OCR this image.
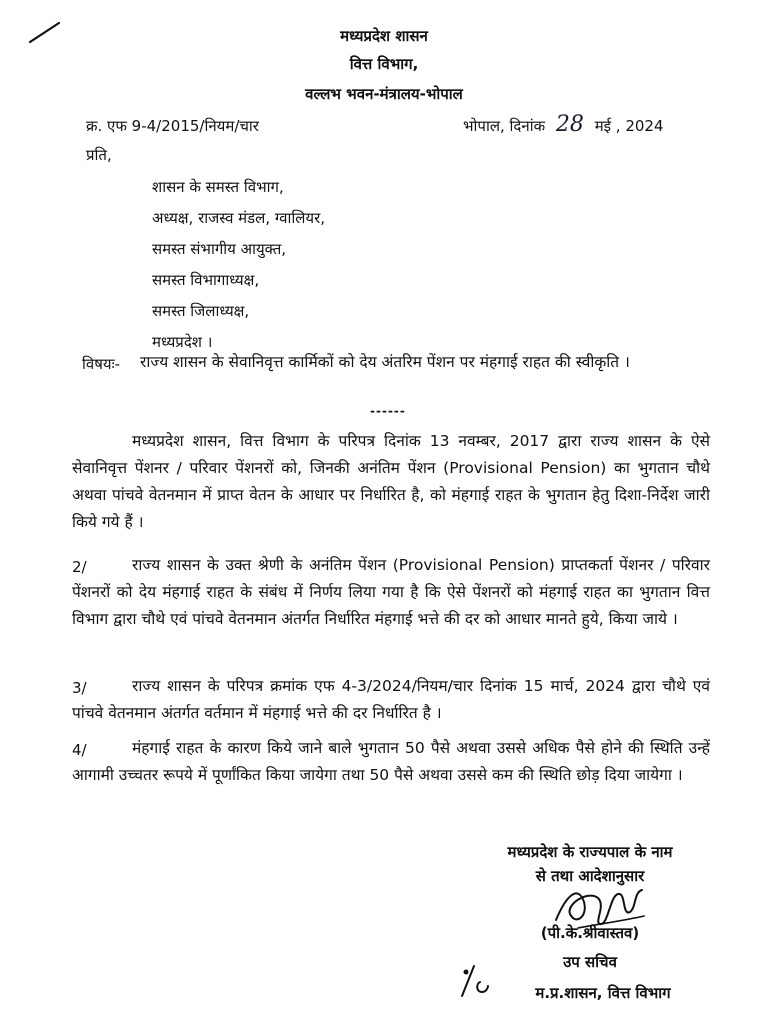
मध्यप्रदेश शासन
वित्त विभाग,
वल्लभ भवन-मंत्रालय-भोपाल
क्र. एफ 9-4/2015/नियम/चार	भोपाल, दिनांक 28 मई , 2024
प्रति,
शासन के समस्त विभाग,
अध्यक्ष, राजस्व मंडल, ग्वालियर,
समस्त संभागीय आयुक्त,
समस्त विभागाध्यक्ष,
समस्त जिलाध्यक्ष,
मध्यप्रदेश ।
विषयः- राज्य शासन के सेवानिवृत्त कार्मिकों को देय अंतरिम पेंशन पर मंहगाई राहत की स्वीकृति ।
------
मध्यप्रदेश शासन, वित्त विभाग के परिपत्र दिनांक 13 नवम्बर, 2017 द्वारा राज्य शासन के ऐसे सेवानिवृत्त पेंशनर / परिवार पेंशनरों को, जिनकी अनंतिम पेंशन (Provisional Pension) का भुगतान चौथे अथवा पांचवे वेतनमान में प्राप्त वेतन के आधार पर निर्धारित है, को मंहगाई राहत के भुगतान हेतु दिशा-निर्देश जारी किये गये हैं ।
2/	राज्य शासन के उक्त श्रेणी के अनंतिम पेंशन (Provisional Pension) प्राप्तकर्ता पेंशनर / परिवार पेंशनरों को देय मंहगाई राहत के संबंध में निर्णय लिया गया है कि ऐसे पेंशनरों को मंहगाई राहत का भुगतान वित्त विभाग द्वारा चौथे एवं पांचवे वेतनमान अंतर्गत निर्धारित मंहगाई भत्ते की दर को आधार मानते हुये, किया जाये ।
3/	राज्य शासन के परिपत्र क्रमांक एफ 4-3/2024/नियम/चार दिनांक 15 मार्च, 2024 द्वारा चौथे एवं पांचवे वेतनमान अंतर्गत वर्तमान में मंहगाई भत्ते की दर निर्धारित है ।
4/	मंहगाई राहत के कारण किये जाने बाले भुगतान 50 पैसे अथवा उससे अधिक पैसे होने की स्थिति उन्हें आगामी उच्चतर रूपये में पूर्णांकित किया जायेगा तथा 50 पैसे अथवा उससे कम की स्थिति छोड़ दिया जायेगा ।
मध्यप्रदेश के राज्यपाल के नाम
से तथा आदेशानुसार
(पी.के.श्रीवास्तव)
उप सचिव
म.प्र.शासन, वित्त विभाग
